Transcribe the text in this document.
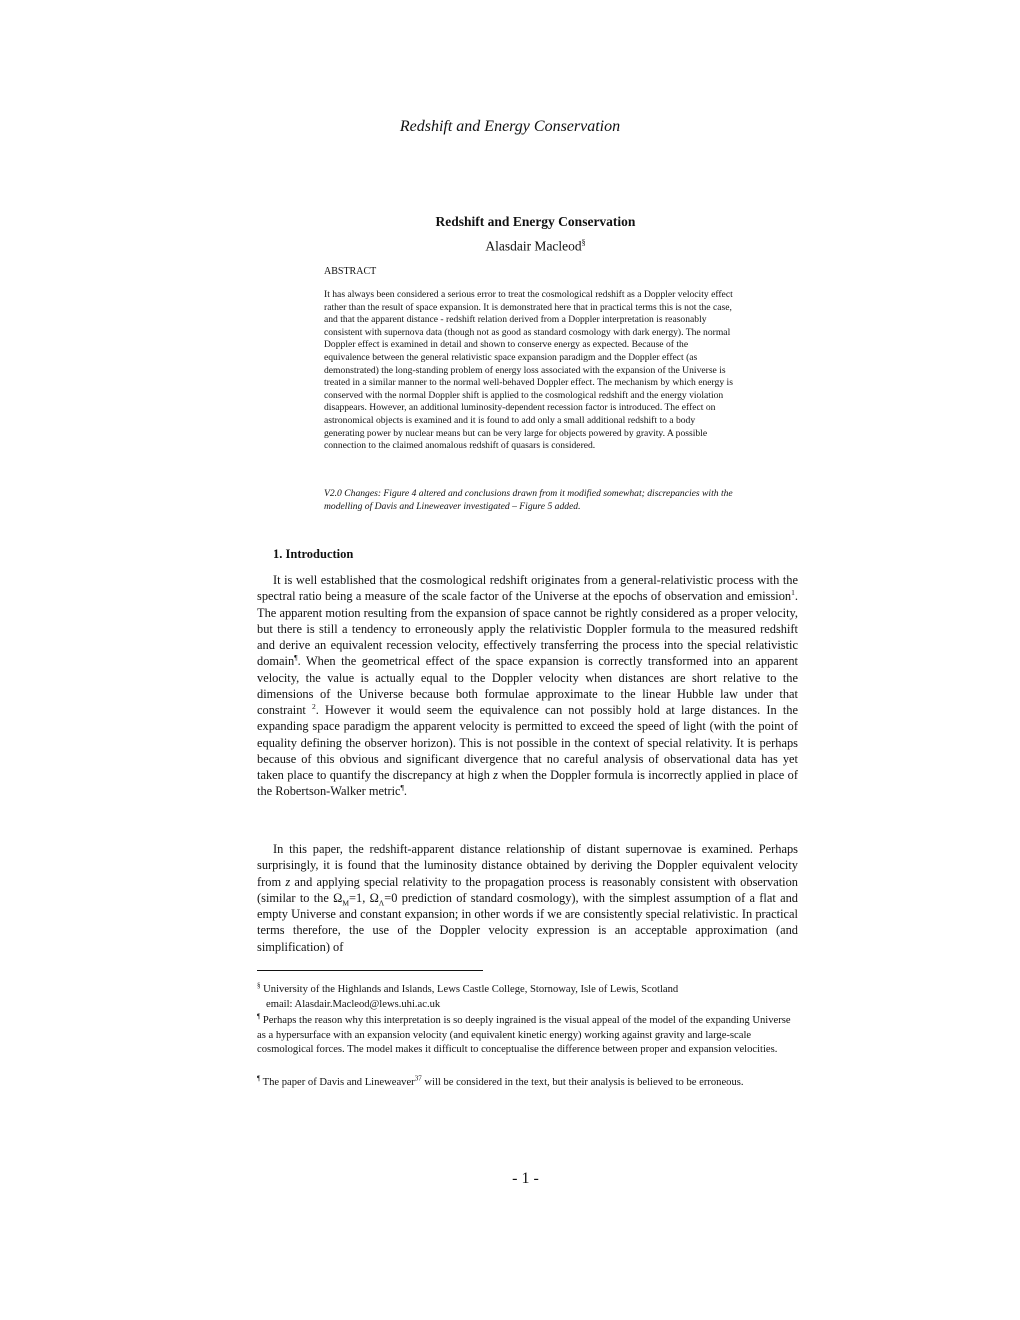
Redshift and Energy Conservation
Redshift and Energy Conservation
Alasdair Macleod§
ABSTRACT
It has always been considered a serious error to treat the cosmological redshift as a Doppler velocity effect rather than the result of space expansion. It is demonstrated here that in practical terms this is not the case, and that the apparent distance - redshift relation derived from a Doppler interpretation is reasonably consistent with supernova data (though not as good as standard cosmology with dark energy). The normal Doppler effect is examined in detail and shown to conserve energy as expected. Because of the equivalence between the general relativistic space expansion paradigm and the Doppler effect (as demonstrated) the long-standing problem of energy loss associated with the expansion of the Universe is treated in a similar manner to the normal well-behaved Doppler effect. The mechanism by which energy is conserved with the normal Doppler shift is applied to the cosmological redshift and the energy violation disappears. However, an additional luminosity-dependent recession factor is introduced. The effect on astronomical objects is examined and it is found to add only a small additional redshift to a body generating power by nuclear means but can be very large for objects powered by gravity. A possible connection to the claimed anomalous redshift of quasars is considered.
V2.0 Changes: Figure 4 altered and conclusions drawn from it modified somewhat; discrepancies with the modelling of Davis and Lineweaver investigated – Figure 5 added.
1. Introduction

It is well established that the cosmological redshift originates from a general-relativistic process with the spectral ratio being a measure of the scale factor of the Universe at the epochs of observation and emission$^1$. The apparent motion resulting from the expansion of space cannot be rightly considered as a proper velocity, but there is still a tendency to erroneously apply the relativistic Doppler formula to the measured redshift and derive an equivalent recession velocity, effectively transferring the process into the special relativistic domain¶. When the geometrical effect of the space expansion is correctly transformed into an apparent velocity, the value is actually equal to the Doppler velocity when distances are short relative to the dimensions of the Universe because both formulae approximate to the linear Hubble law under that constraint $^2$. However it would seem the equivalence can not possibly hold at large distances. In the expanding space paradigm the apparent velocity is permitted to exceed the speed of light (with the point of equality defining the observer horizon). This is not possible in the context of special relativity. It is perhaps because of this obvious and significant divergence that no careful analysis of observational data has yet taken place to quantify the discrepancy at high z when the Doppler formula is incorrectly applied in place of the Robertson-Walker metric¶.

In this paper, the redshift-apparent distance relationship of distant supernovae is examined. Perhaps surprisingly, it is found that the luminosity distance obtained by deriving the Doppler equivalent velocity from z and applying special relativity to the propagation process is reasonably consistent with observation (similar to the $\Omega_M=1$, $\Omega_\Lambda=0$ prediction of standard cosmology), with the simplest assumption of a flat and empty Universe and constant expansion; in other words if we are consistently special relativistic. In practical terms therefore, the use of the Doppler velocity expression is an acceptable approximation (and simplification) of

§ University of the Highlands and Islands, Lews Castle College, Stornoway, Isle of Lewis, Scotland
email: Alasdair.Macleod@lews.uhi.ac.uk
¶ Perhaps the reason why this interpretation is so deeply ingrained is the visual appeal of the model of the expanding Universe as a hypersurface with an expansion velocity (and equivalent kinetic energy) working against gravity and large-scale cosmological forces. The model makes it difficult to conceptualise the difference between proper and expansion velocities.
¶ The paper of Davis and Lineweaver$^{37}$ will be considered in the text, but their analysis is believed to be erroneous.
- 1 -
